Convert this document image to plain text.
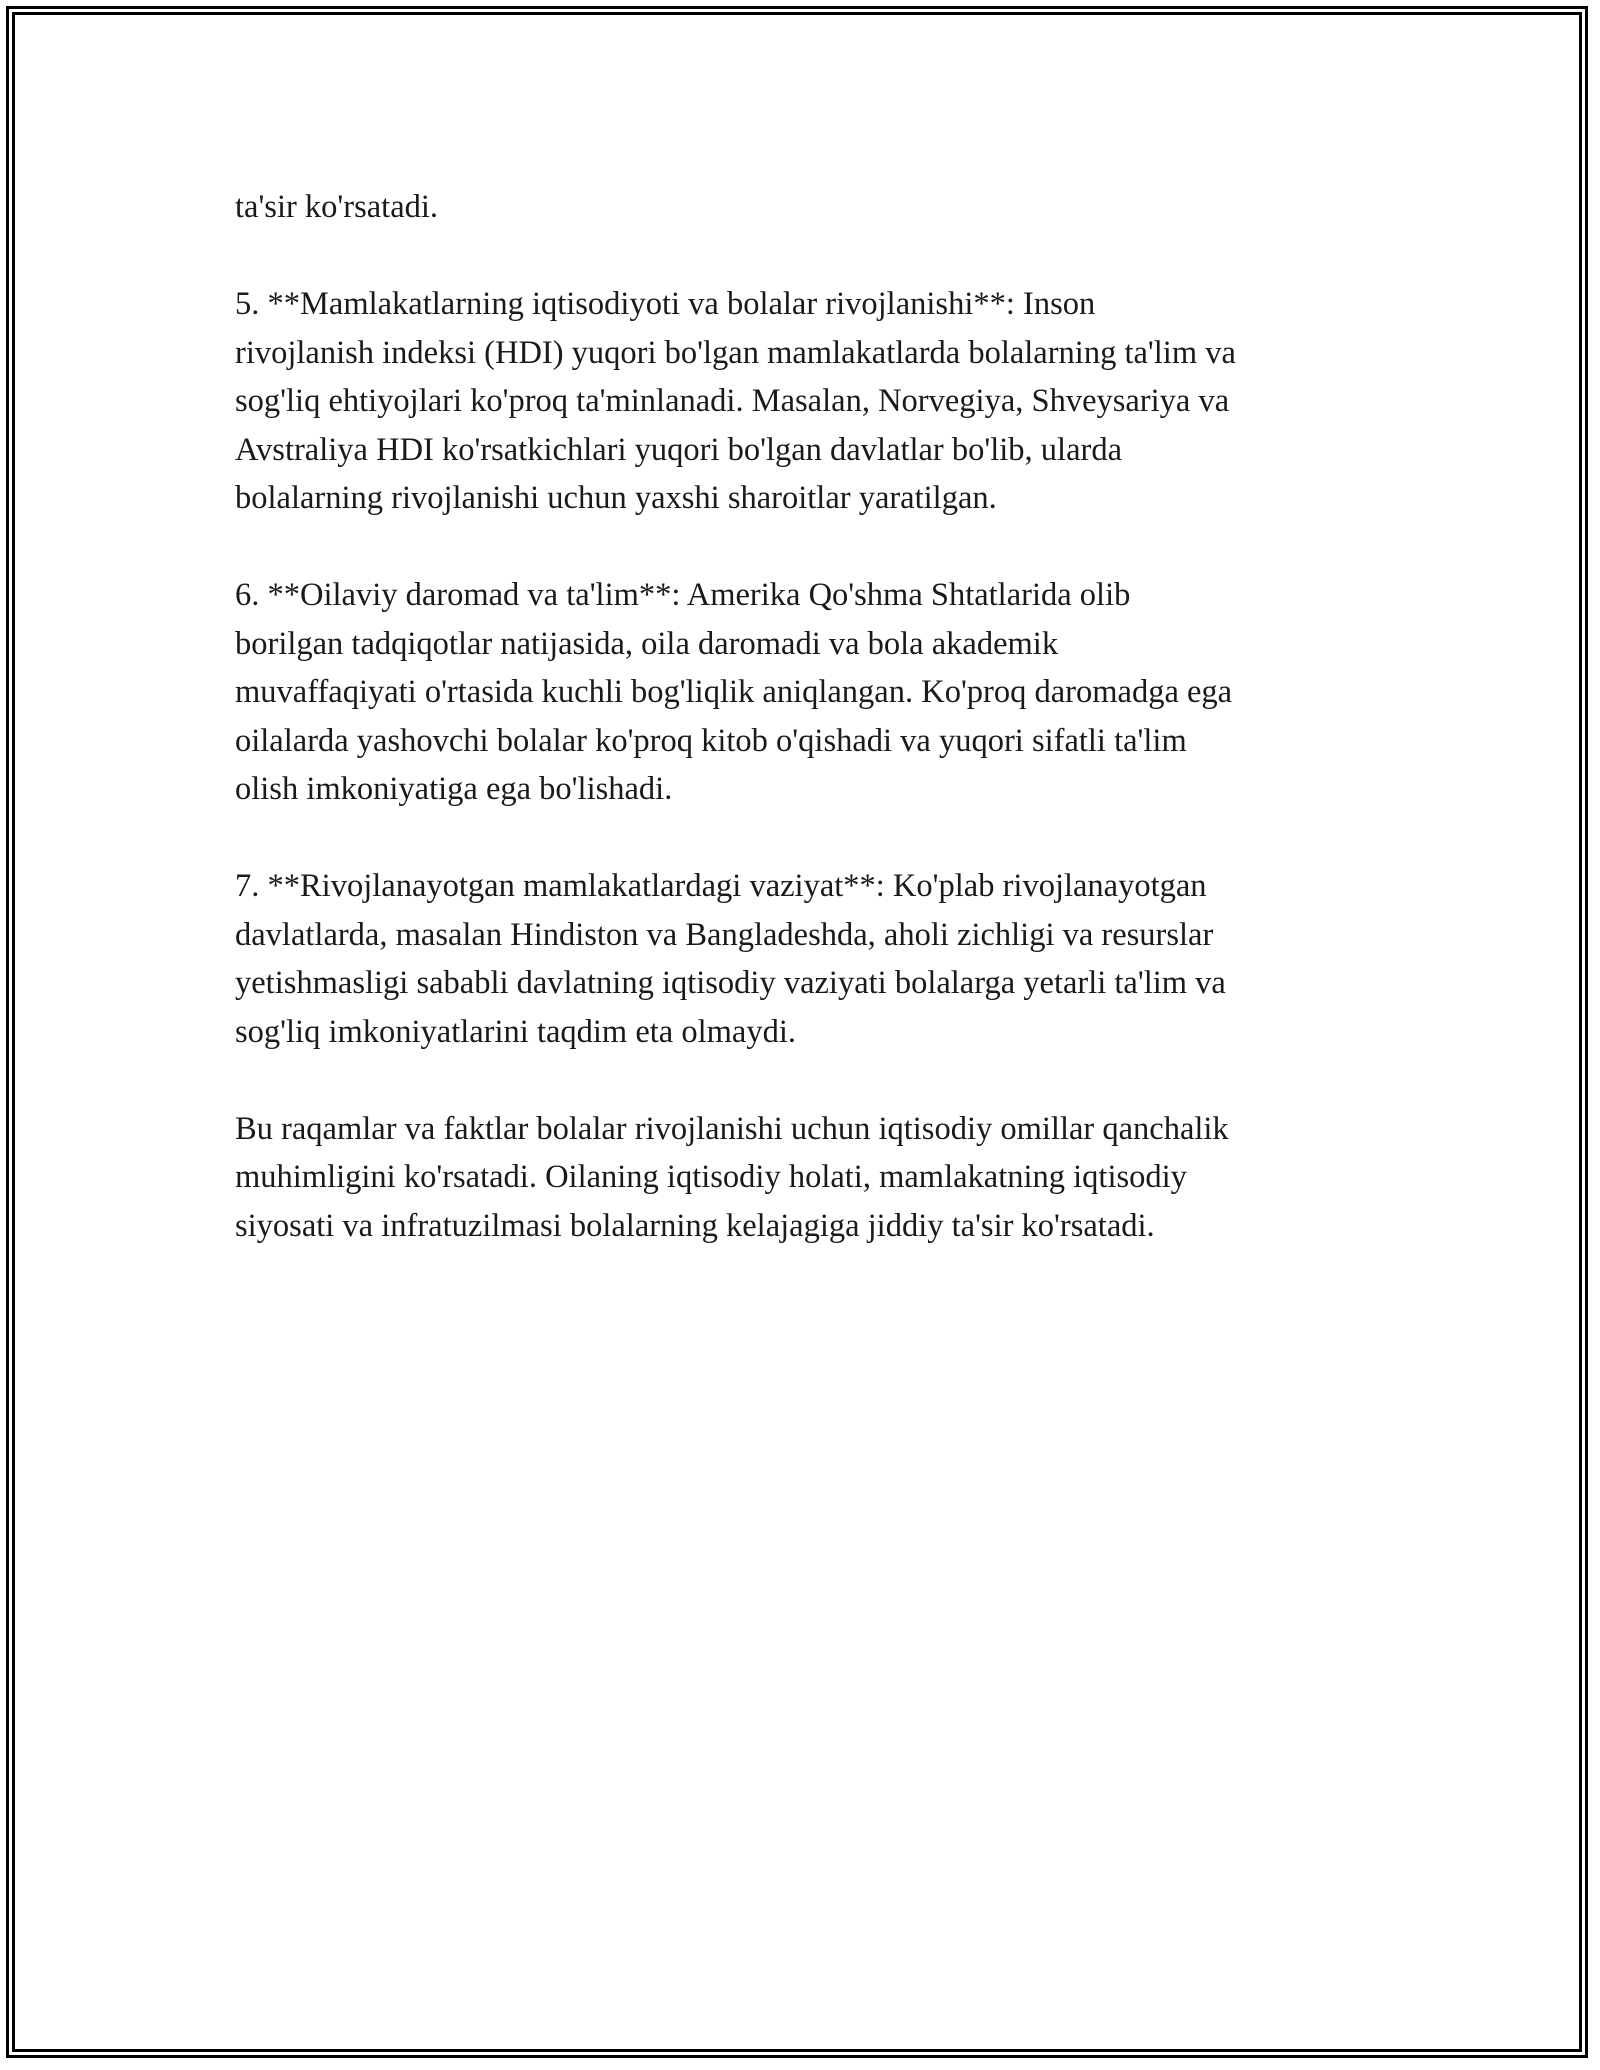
ta'sir ko'rsatadi.

5. **Mamlakatlarning iqtisodiyoti va bolalar rivojlanishi**: Inson
rivojlanish indeksi (HDI) yuqori bo'lgan mamlakatlarda bolalarning ta'lim va
sog'liq ehtiyojlari ko'proq ta'minlanadi. Masalan, Norvegiya, Shveysariya va
Avstraliya HDI ko'rsatkichlari yuqori bo'lgan davlatlar bo'lib, ularda
bolalarning rivojlanishi uchun yaxshi sharoitlar yaratilgan.

6. **Oilaviy daromad va ta'lim**: Amerika Qo'shma Shtatlarida olib
borilgan tadqiqotlar natijasida, oila daromadi va bola akademik
muvaffaqiyati o'rtasida kuchli bog'liqlik aniqlangan. Ko'proq daromadga ega
oilalarda yashovchi bolalar ko'proq kitob o'qishadi va yuqori sifatli ta'lim
olish imkoniyatiga ega bo'lishadi.

7. **Rivojlanayotgan mamlakatlardagi vaziyat**: Ko'plab rivojlanayotgan
davlatlarda, masalan Hindiston va Bangladeshda, aholi zichligi va resurslar
yetishmasligi sababli davlatning iqtisodiy vaziyati bolalarga yetarli ta'lim va
sog'liq imkoniyatlarini taqdim eta olmaydi.

Bu raqamlar va faktlar bolalar rivojlanishi uchun iqtisodiy omillar qanchalik
muhimligini ko'rsatadi. Oilaning iqtisodiy holati, mamlakatning iqtisodiy
siyosati va infratuzilmasi bolalarning kelajagiga jiddiy ta'sir ko'rsatadi.
